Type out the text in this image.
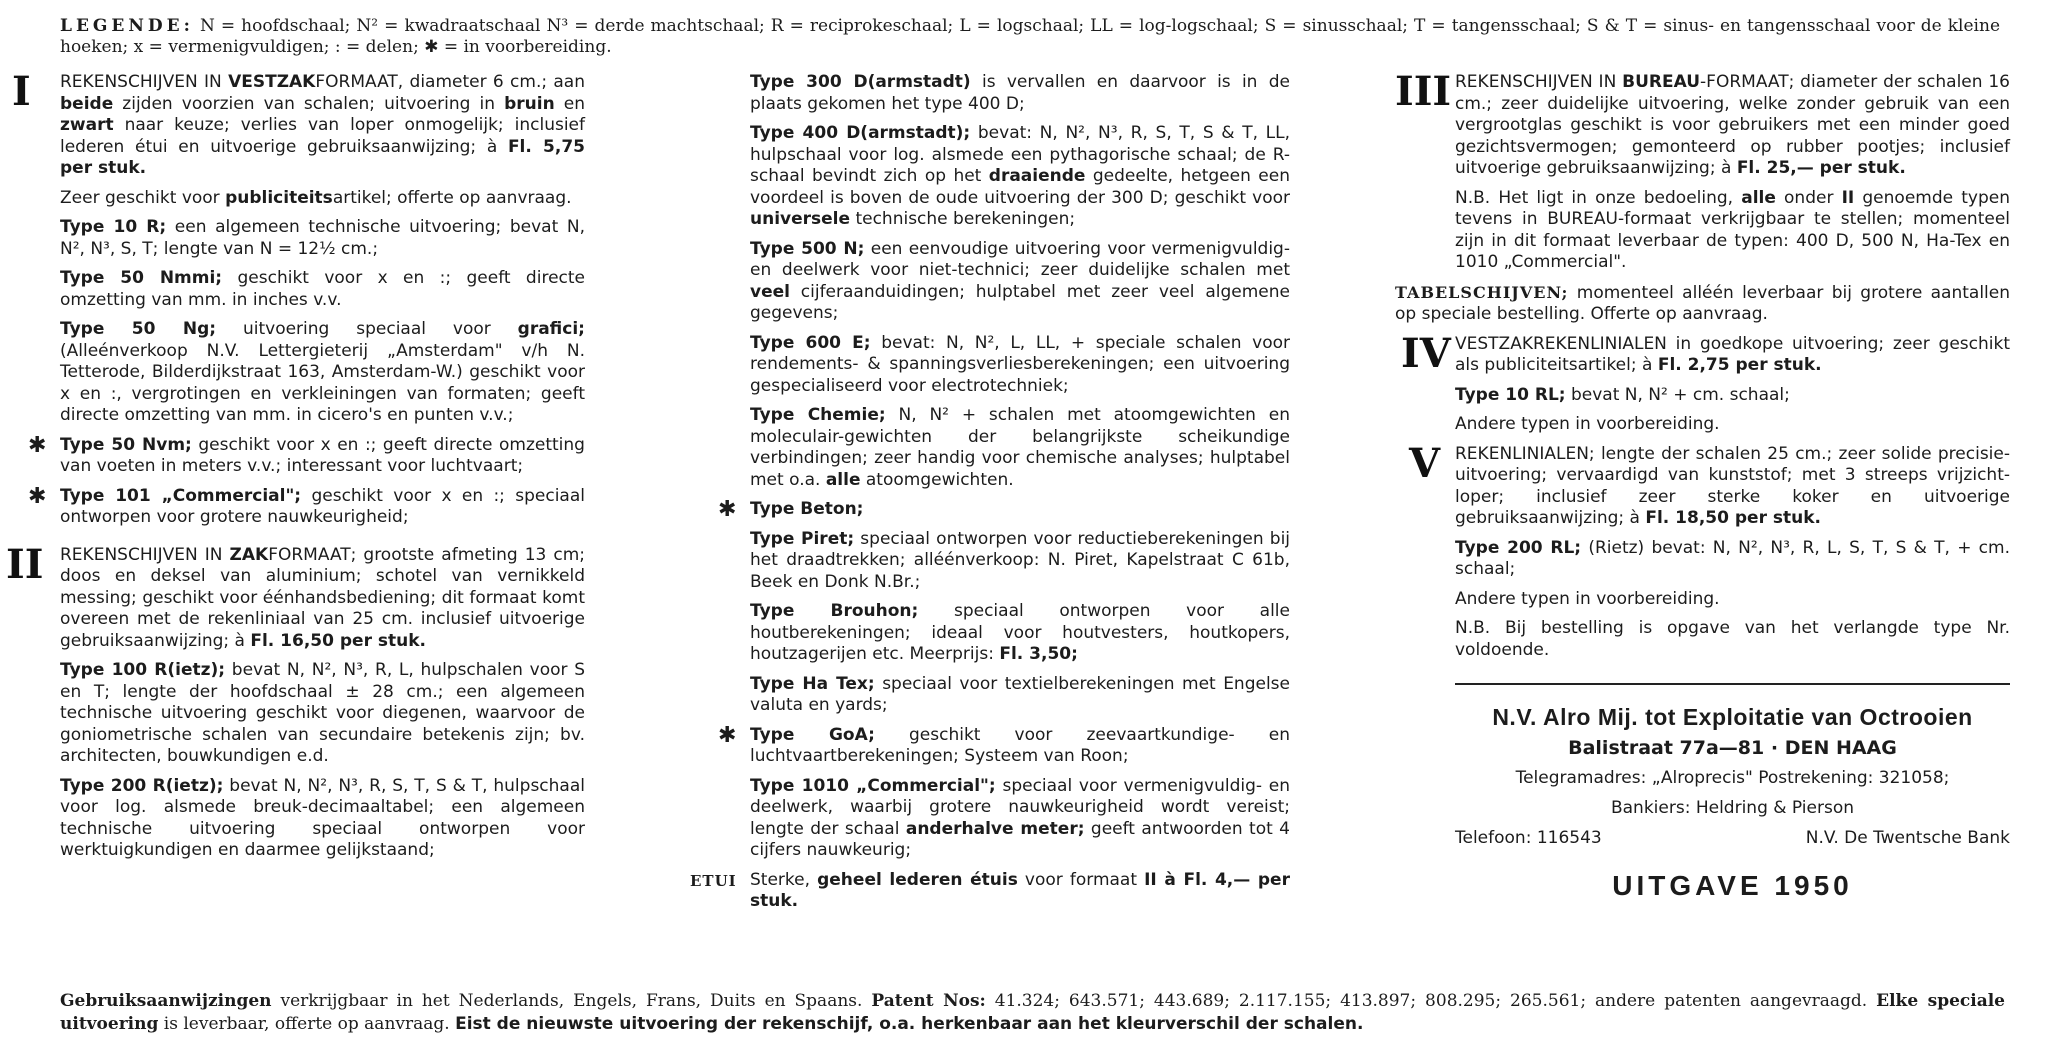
LEGENDE: N = hoofdschaal; N² = kwadraatschaal N³ = derde machtschaal; R = reciprokeschaal; L = logschaal; LL = log-logschaal; S = sinusschaal; T = tangensschaal; S & T = sinus- en tangensschaal voor de kleine hoeken; x = vermenigvuldigen; : = delen; ✱ = in voorbereiding.
I REKENSCHIJVEN IN VESTZAKFORMAAT, diameter 6 cm.; aan beide zijden voorzien van schalen; uitvoering in bruin en zwart naar keuze; verlies van loper onmogelijk; inclusief lederen étui en uitvoerige gebruiksaanwijzing; à Fl. 5,75 per stuk.

Zeer geschikt voor publiciteitsartikel; offerte op aanvraag.

Type 10 R; een algemeen technische uitvoering; bevat N, N², N³, S, T; lengte van N = 12½ cm.;

Type 50 Nmmi; geschikt voor x en :; geeft directe omzetting van mm. in inches v.v.

Type 50 Ng; uitvoering speciaal voor grafici; (Alleénverkoop N.V. Lettergieterij „Amsterdam" v/h N. Tetterode, Bilderdijkstraat 163, Amsterdam-W.) geschikt voor x en :, vergrotingen en verkleiningen van formaten; geeft directe omzetting van mm. in cicero's en punten v.v.;

✱ Type 50 Nvm; geschikt voor x en :; geeft directe omzetting van voeten in meters v.v.; interessant voor luchtvaart;

✱ Type 101 „Commercial"; geschikt voor x en :; speciaal ontworpen voor grotere nauwkeurigheid;

II REKENSCHIJVEN IN ZAKFORMAAT; grootste afmeting 13 cm; doos en deksel van aluminium; schotel van vernikkeld messing; geschikt voor éénhandsbediening; dit formaat komt overeen met de rekenliniaal van 25 cm. inclusief uitvoerige gebruiksaanwijzing; à Fl. 16,50 per stuk.

Type 100 R(ietz); bevat N, N², N³, R, L, hulpschalen voor S en T; lengte der hoofdschaal ± 28 cm.; een algemeen technische uitvoering geschikt voor diegenen, waarvoor de goniometrische schalen van secundaire betekenis zijn; bv. architecten, bouwkundigen e.d.

Type 200 R(ietz); bevat N, N², N³, R, S, T, S & T, hulpschaal voor log. alsmede breuk-decimaaltabel; een algemeen technische uitvoering speciaal ontworpen voor werktuigkundigen en daarmee gelijkstaand;

Type 300 D(armstadt) is vervallen en daarvoor is in de plaats gekomen het type 400 D;

Type 400 D(armstadt); bevat: N, N², N³, R, S, T, S & T, LL, hulpschaal voor log. alsmede een pythagorische schaal; de R-schaal bevindt zich op het draaiende gedeelte, hetgeen een voordeel is boven de oude uitvoering der 300 D; geschikt voor universele technische berekeningen;

Type 500 N; een eenvoudige uitvoering voor vermenigvuldig- en deelwerk voor niet-technici; zeer duidelijke schalen met veel cijferaanduidingen; hulptabel met zeer veel algemene gegevens;

Type 600 E; bevat: N, N², L, LL, + speciale schalen voor rendements- & spanningsverliesberekeningen; een uitvoering gespecialiseerd voor electrotechniek;

Type Chemie; N, N² + schalen met atoomgewichten en moleculair-gewichten der belangrijkste scheikundige verbindingen; zeer handig voor chemische analyses; hulptabel met o.a. alle atoomgewichten.

✱ Type Beton;

Type Piret; speciaal ontworpen voor reductieberekeningen bij het draadtrekken; alléénverkoop: N. Piret, Kapelstraat C 61b, Beek en Donk N.Br.;

Type Brouhon; speciaal ontworpen voor alle houtberekeningen; ideaal voor houtvesters, houtkopers, houtzagerijen etc. Meerprijs: Fl. 3,50;

Type Ha Tex; speciaal voor textielberekeningen met Engelse valuta en yards;

✱ Type GoA; geschikt voor zeevaartkundige- en luchtvaartberekeningen; Systeem van Roon;

Type 1010 „Commercial"; speciaal voor vermenigvuldig- en deelwerk, waarbij grotere nauwkeurigheid wordt vereist; lengte der schaal anderhalve meter; geeft antwoorden tot 4 cijfers nauwkeurig;

ETUI Sterke, geheel lederen étuis voor formaat II à Fl. 4,— per stuk.

III REKENSCHIJVEN IN BUREAU-FORMAAT; diameter der schalen 16 cm.; zeer duidelijke uitvoering, welke zonder gebruik van een vergrootglas geschikt is voor gebruikers met een minder goed gezichtsvermogen; gemonteerd op rubber pootjes; inclusief uitvoerige gebruiksaanwijzing; à Fl. 25,— per stuk.

N.B. Het ligt in onze bedoeling, alle onder II genoemde typen tevens in BUREAU-formaat verkrijgbaar te stellen; momenteel zijn in dit formaat leverbaar de typen: 400 D, 500 N, Ha-Tex en 1010 „Commercial".

TABELSCHIJVEN; momenteel alléén leverbaar bij grotere aantallen op speciale bestelling. Offerte op aanvraag.

IV VESTZAKREKENLINIALEN in goedkope uitvoering; zeer geschikt als publiciteitsartikel; à Fl. 2,75 per stuk.

Type 10 RL; bevat N, N² + cm. schaal;

Andere typen in voorbereiding.

V REKENLINIALEN; lengte der schalen 25 cm.; zeer solide precisie-uitvoering; vervaardigd van kunststof; met 3 streeps vrijzicht-loper; inclusief zeer sterke koker en uitvoerige gebruiksaanwijzing; à Fl. 18,50 per stuk.

Type 200 RL; (Rietz) bevat: N, N², N³, R, L, S, T, S & T, + cm. schaal;

Andere typen in voorbereiding.

N.B. Bij bestelling is opgave van het verlangde type Nr. voldoende.

N.V. Alro Mij. tot Exploitatie van Octrooien
Balistraat 77a—81 · DEN HAAG
Telegramadres: „Alroprecis" Postrekening: 321058;
Bankiers: Heldring & Pierson
Telefoon: 116543	N.V. De Twentsche Bank
UITGAVE 1950
Gebruiksaanwijzingen verkrijgbaar in het Nederlands, Engels, Frans, Duits en Spaans. Patent Nos: 41.324; 643.571; 443.689; 2.117.155; 413.897; 808.295; 265.561; andere patenten aangevraagd. Elke speciale uitvoering is leverbaar, offerte op aanvraag. Eist de nieuwste uitvoering der rekenschijf, o.a. herkenbaar aan het kleurverschil der schalen.
